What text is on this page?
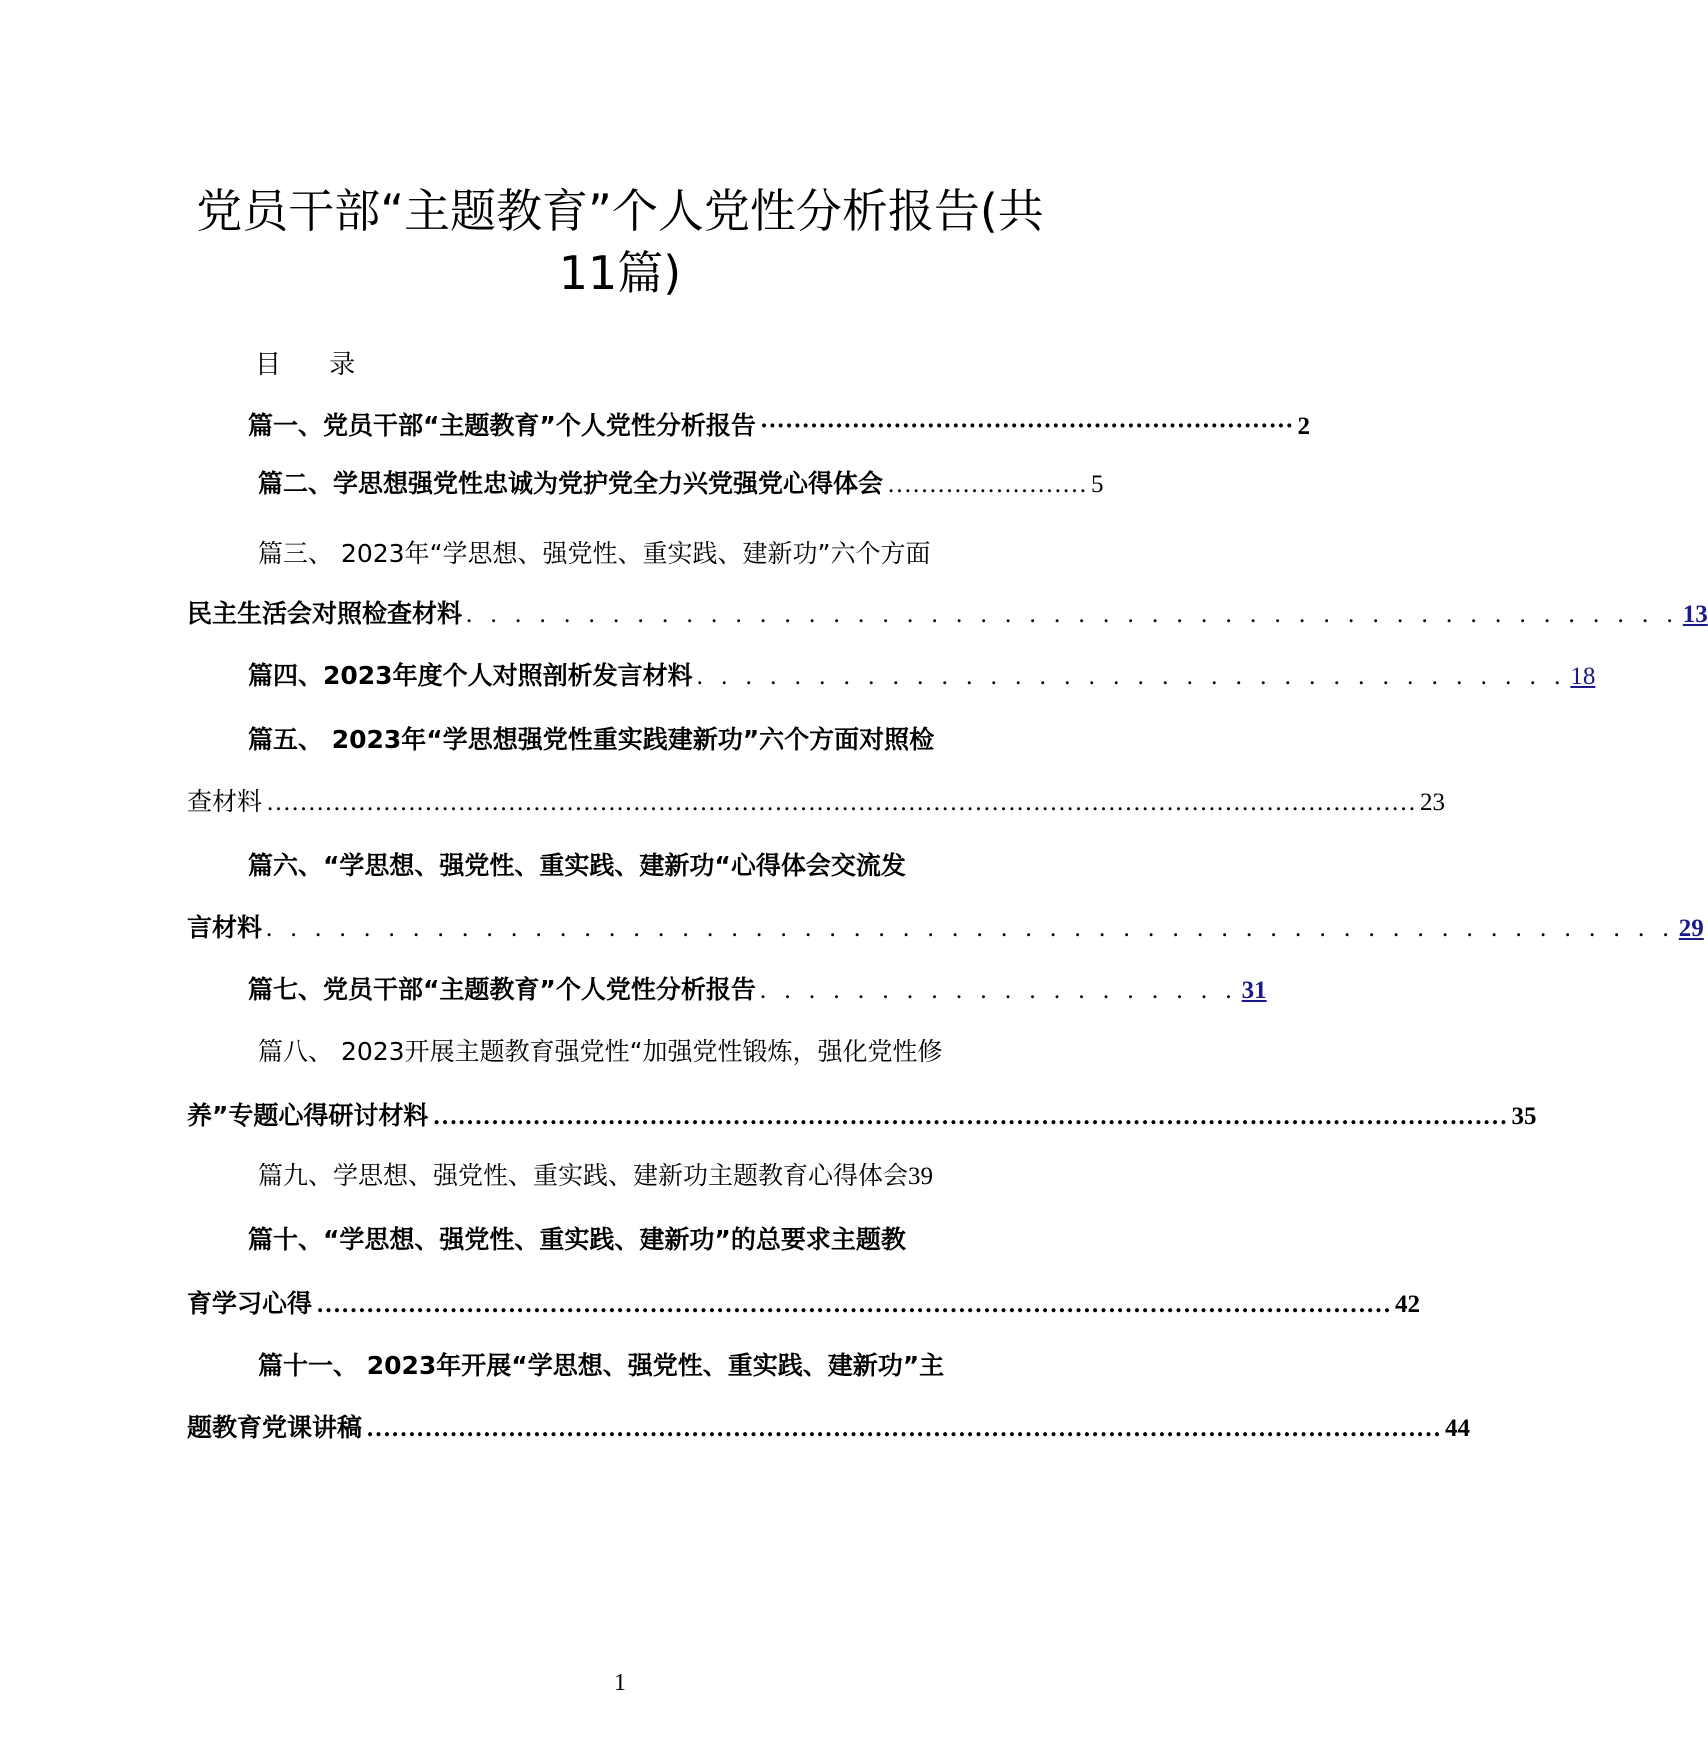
党员干部“主题教育”个人党性分析报告(共
11篇)
目 录
篇一、党员干部“主题教育”个人党性分析报告 ································································ 2
篇二、学思想强党性忠诚为党护党全力兴党强党心得体会 …………………… 5
篇三、 2023年“学思想、强党性、重实践、建新功”六个方面
民主生活会对照检查材料 . . . . . . . . . . . . . . . . . . . . . . . . . . . . . . . . . . . . . . . . . . . . . . . . . . 13
篇四、2023年度个人对照剖析发言材料 . . . . . . . . . . . . . . . . . . . . . . . . . . . . . . . . . . . . 18
篇五、 2023年“学思想强党性重实践建新功”六个方面对照检
查材料 ………………………………………………………………………………………………………………………… 23
篇六、“学思想、强党性、重实践、建新功“心得体会交流发
言材料 . . . . . . . . . . . . . . . . . . . . . . . . . . . . . . . . . . . . . . . . . . . . . . . . . . . . . . . . . . 29
篇七、党员干部“主题教育”个人党性分析报告 . . . . . . . . . . . . . . . . . . . . 31
篇八、 2023开展主题教育强党性“加强党性锻炼，强化党性修
养”专题心得研讨材料 ………………………………………………………………………………………………………………… 35
篇九、学思想、强党性、重实践、建新功主题教育心得体会 39
篇十、“学思想、强党性、重实践、建新功”的总要求主题教
育学习心得 ………………………………………………………………………………………………………………… 42
篇十一、 2023年开展“学思想、强党性、重实践、建新功”主
题教育党课讲稿 ………………………………………………………………………………………………………………… 44
1
